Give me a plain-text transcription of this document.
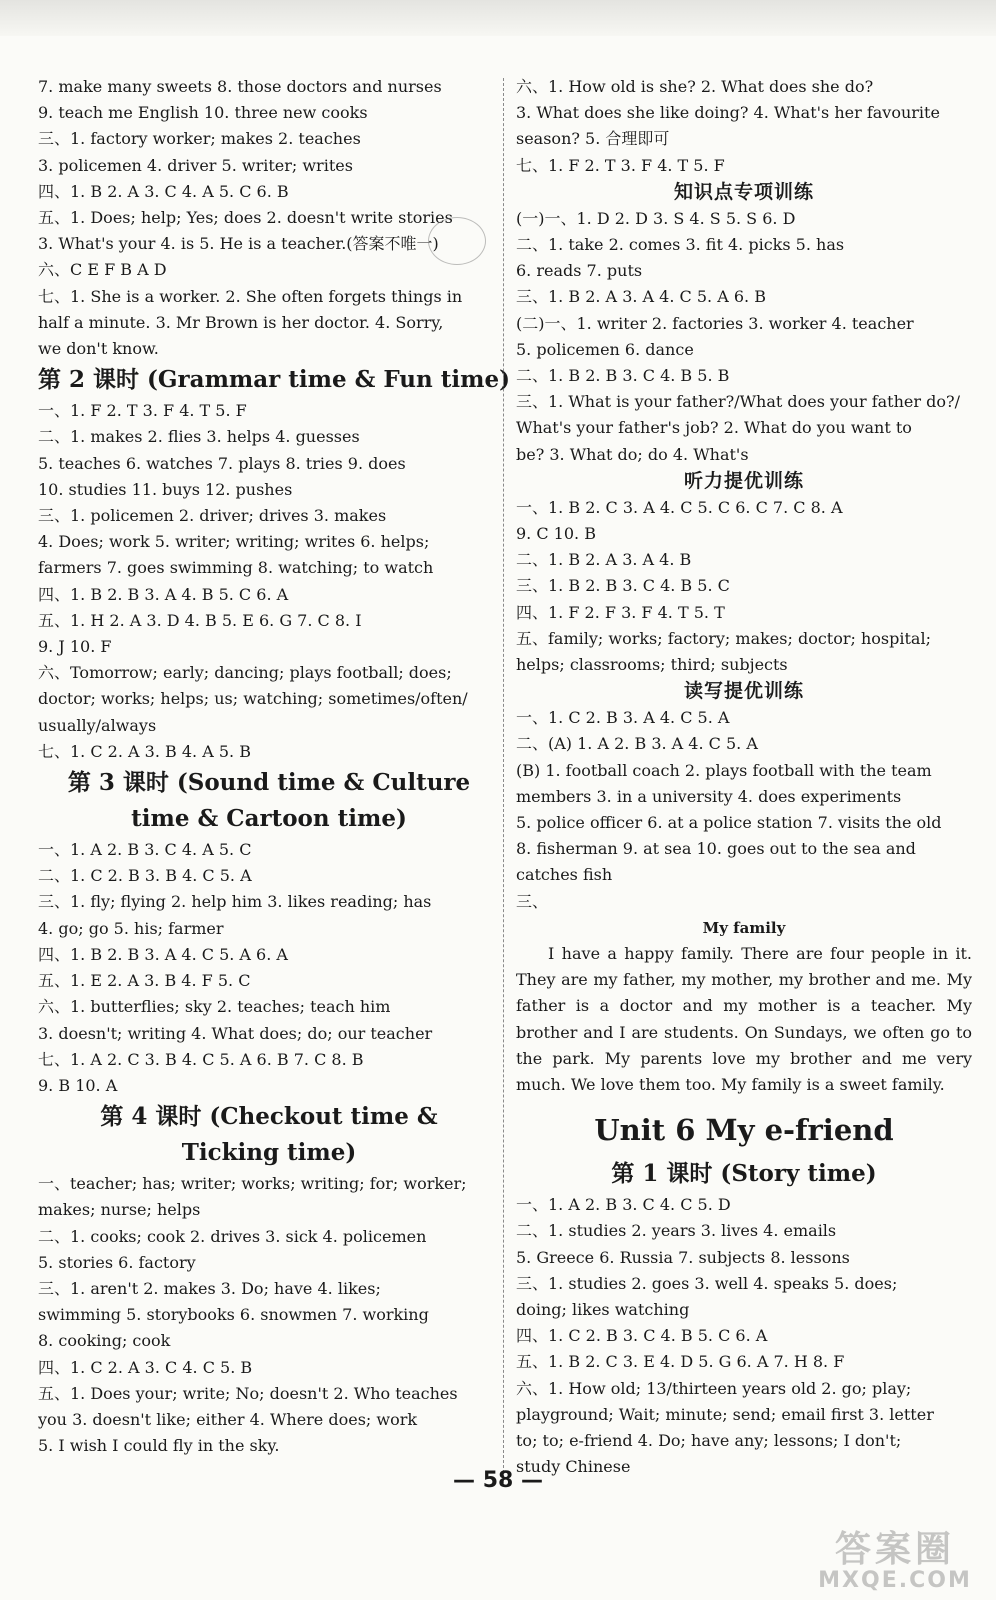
7. make many sweets 8. those doctors and nurses
9. teach me English 10. three new cooks
三、1. factory worker; makes 2. teaches
3. policemen 4. driver 5. writer; writes
四、1. B 2. A 3. C 4. A 5. C 6. B
五、1. Does; help; Yes; does 2. doesn't write stories
3. What's your 4. is 5. He is a teacher.(答案不唯一)
六、C E F B A D
七、1. She is a worker. 2. She often forgets things in
half a minute. 3. Mr Brown is her doctor. 4. Sorry,
we don't know.
第 2 课时 (Grammar time & Fun time)
一、1. F 2. T 3. F 4. T 5. F
二、1. makes 2. flies 3. helps 4. guesses
5. teaches 6. watches 7. plays 8. tries 9. does
10. studies 11. buys 12. pushes
三、1. policemen 2. driver; drives 3. makes
4. Does; work 5. writer; writing; writes 6. helps;
farmers 7. goes swimming 8. watching; to watch
四、1. B 2. B 3. A 4. B 5. C 6. A
五、1. H 2. A 3. D 4. B 5. E 6. G 7. C 8. I
9. J 10. F
六、Tomorrow; early; dancing; plays football; does;
doctor; works; helps; us; watching; sometimes/often/
usually/always
七、1. C 2. A 3. B 4. A 5. B
第 3 课时 (Sound time & Culture
time & Cartoon time)
一、1. A 2. B 3. C 4. A 5. C
二、1. C 2. B 3. B 4. C 5. A
三、1. fly; flying 2. help him 3. likes reading; has
4. go; go 5. his; farmer
四、1. B 2. B 3. A 4. C 5. A 6. A
五、1. E 2. A 3. B 4. F 5. C
六、1. butterflies; sky 2. teaches; teach him
3. doesn't; writing 4. What does; do; our teacher
七、1. A 2. C 3. B 4. C 5. A 6. B 7. C 8. B
9. B 10. A
第 4 课时 (Checkout time &
Ticking time)
一、teacher; has; writer; works; writing; for; worker;
makes; nurse; helps
二、1. cooks; cook 2. drives 3. sick 4. policemen
5. stories 6. factory
三、1. aren't 2. makes 3. Do; have 4. likes;
swimming 5. storybooks 6. snowmen 7. working
8. cooking; cook
四、1. C 2. A 3. C 4. C 5. B
五、1. Does your; write; No; doesn't 2. Who teaches
you 3. doesn't like; either 4. Where does; work
5. I wish I could fly in the sky.
六、1. How old is she? 2. What does she do?
3. What does she like doing? 4. What's her favourite
season? 5. 合理即可
七、1. F 2. T 3. F 4. T 5. F
知识点专项训练
(一)一、1. D 2. D 3. S 4. S 5. S 6. D
二、1. take 2. comes 3. fit 4. picks 5. has
6. reads 7. puts
三、1. B 2. A 3. A 4. C 5. A 6. B
(二)一、1. writer 2. factories 3. worker 4. teacher
5. policemen 6. dance
二、1. B 2. B 3. C 4. B 5. B
三、1. What is your father?/What does your father do?/
What's your father's job? 2. What do you want to
be? 3. What do; do 4. What's
听力提优训练
一、1. B 2. C 3. A 4. C 5. C 6. C 7. C 8. A
9. C 10. B
二、1. B 2. A 3. A 4. B
三、1. B 2. B 3. C 4. B 5. C
四、1. F 2. F 3. F 4. T 5. T
五、family; works; factory; makes; doctor; hospital;
helps; classrooms; third; subjects
读写提优训练
一、1. C 2. B 3. A 4. C 5. A
二、(A) 1. A 2. B 3. A 4. C 5. A
(B) 1. football coach 2. plays football with the team
members 3. in a university 4. does experiments
5. police officer 6. at a police station 7. visits the old
8. fisherman 9. at sea 10. goes out to the sea and
catches fish
三、
My family
I have a happy family. There are four people in it. They are my father, my mother, my brother and me. My father is a doctor and my mother is a teacher. My brother and I are students. On Sundays, we often go to the park. My parents love my brother and me very much. We love them too. My family is a sweet family.
Unit 6 My e-friend
第 1 课时 (Story time)
一、1. A 2. B 3. C 4. C 5. D
二、1. studies 2. years 3. lives 4. emails
5. Greece 6. Russia 7. subjects 8. lessons
三、1. studies 2. goes 3. well 4. speaks 5. does;
doing; likes watching
四、1. C 2. B 3. C 4. B 5. C 6. A
五、1. B 2. C 3. E 4. D 5. G 6. A 7. H 8. F
六、1. How old; 13/thirteen years old 2. go; play;
playground; Wait; minute; send; email first 3. letter
to; to; e-friend 4. Do; have any; lessons; I don't;
study Chinese
— 58 —
答案圈
MXQE.COM
